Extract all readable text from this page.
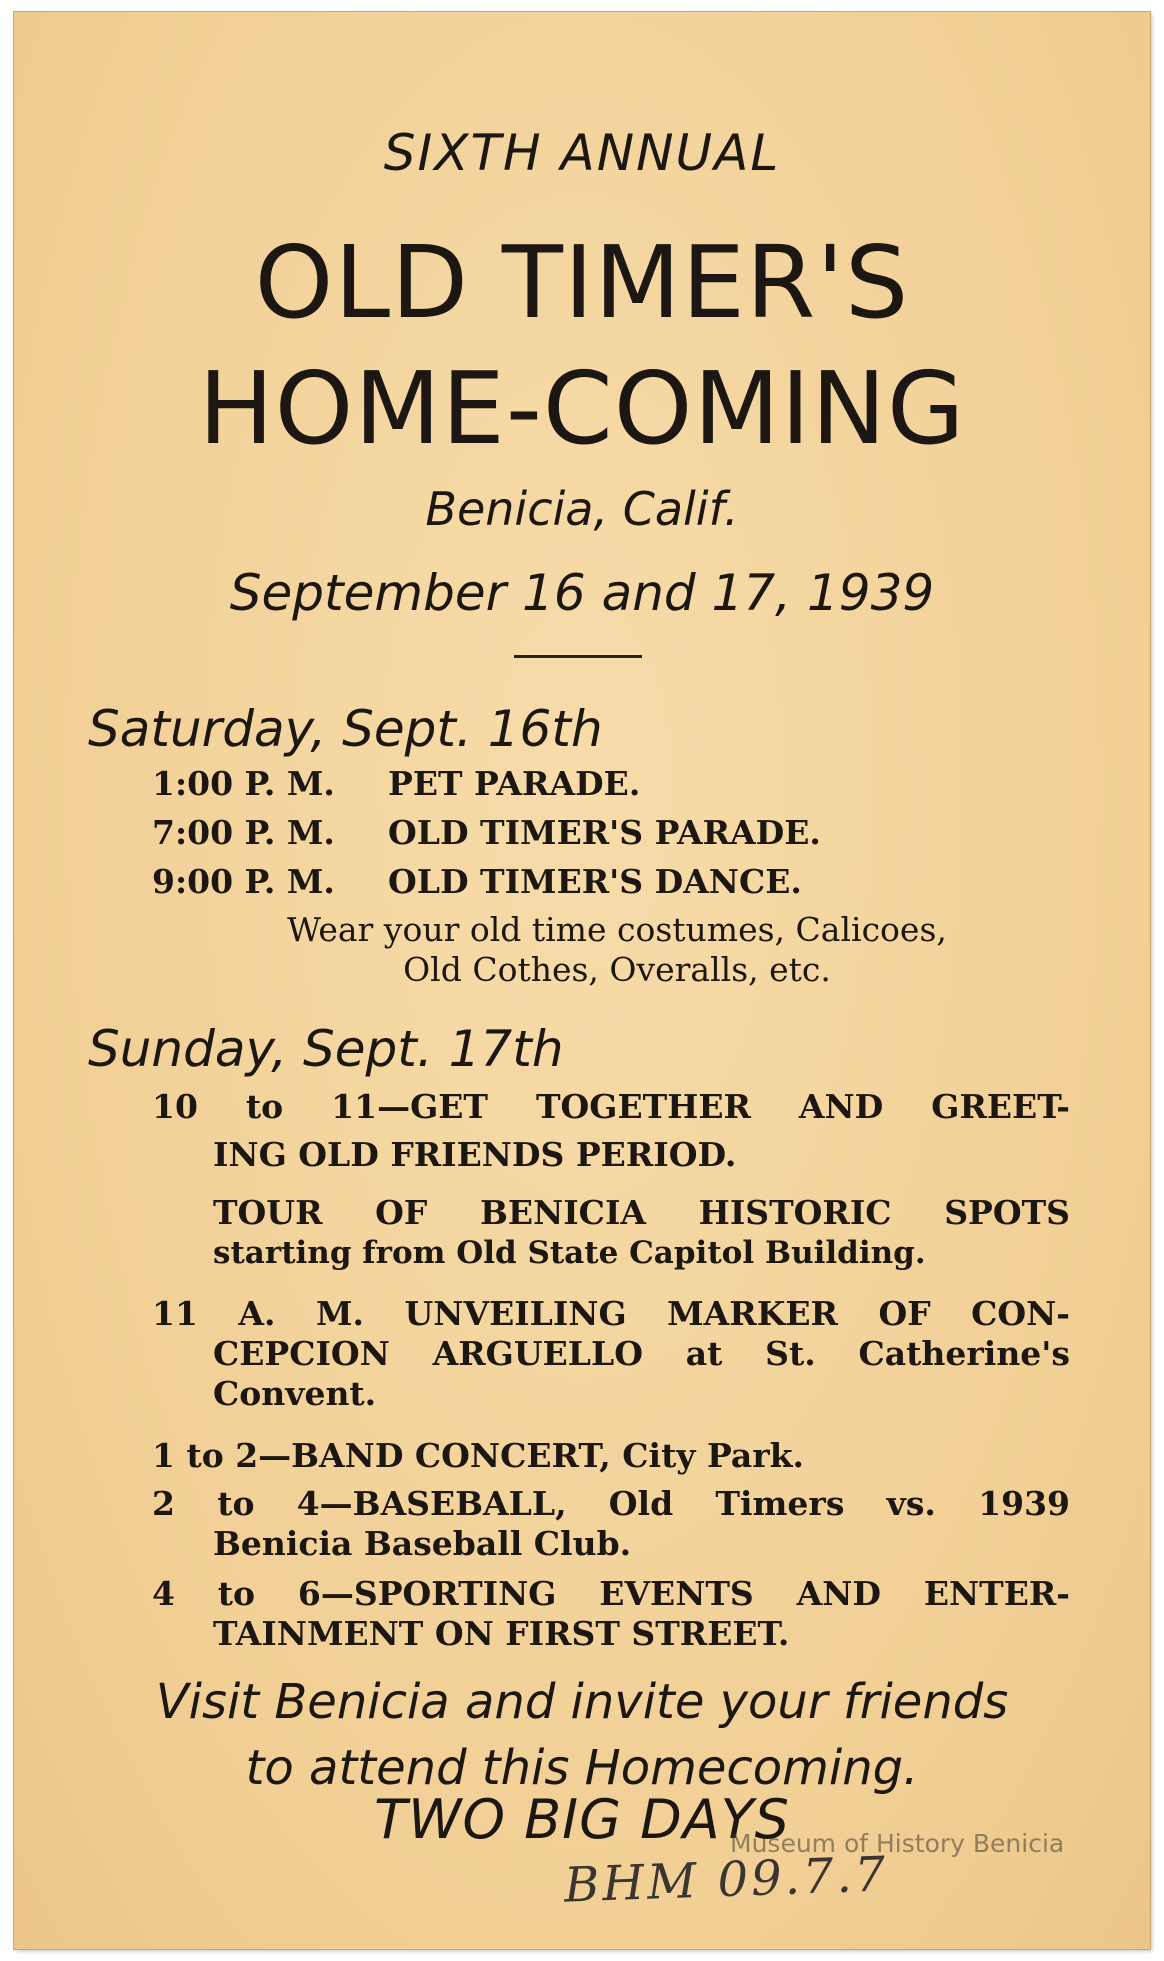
SIXTH ANNUAL
OLD TIMER'S
HOME-COMING
Benicia, Calif.
September 16 and 17, 1939
Saturday, Sept. 16th
1:00 P. M. PET PARADE.
7:00 P. M. OLD TIMER'S PARADE.
9:00 P. M. OLD TIMER'S DANCE.
Wear your old time costumes, Calicoes,
Old Cothes, Overalls, etc.
Sunday, Sept. 17th
10 to 11—GET TOGETHER AND GREET-
ING OLD FRIENDS PERIOD.
TOUR OF BENICIA HISTORIC SPOTS
starting from Old State Capitol Building.
11 A. M. UNVEILING MARKER OF CON-
CEPCION ARGUELLO at St. Catherine's
Convent.
1 to 2—BAND CONCERT, City Park.
2 to 4—BASEBALL, Old Timers vs. 1939
Benicia Baseball Club.
4 to 6—SPORTING EVENTS AND ENTER-
TAINMENT ON FIRST STREET.
Visit Benicia and invite your friends
to attend this Homecoming.
TWO BIG DAYS
Museum of History Benicia
BHM 09.7.7
